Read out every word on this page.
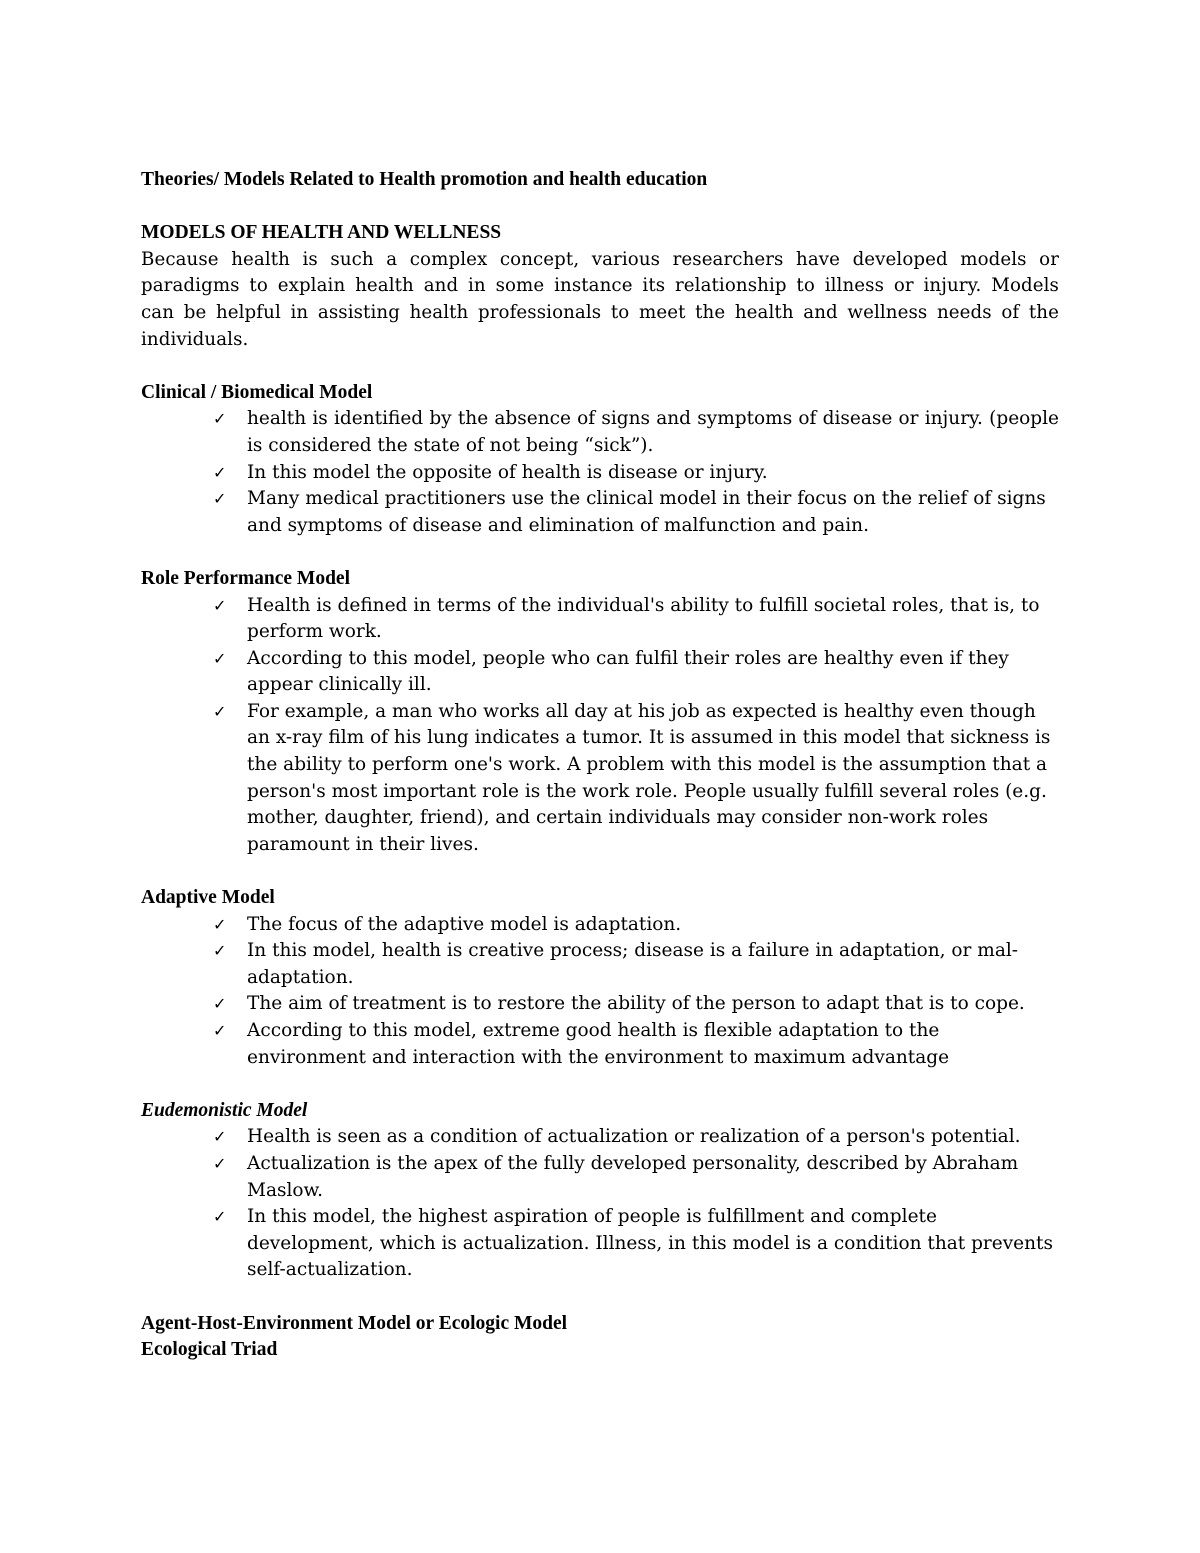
Theories/ Models Related to Health promotion and health education

MODELS OF HEALTH AND WELLNESS

Because health is such a complex concept, various researchers have developed models or paradigms to explain health and in some instance its relationship to illness or injury. Models can be helpful in assisting health professionals to meet the health and wellness needs of the individuals.

Clinical / Biomedical Model

✓ health is identified by the absence of signs and symptoms of disease or injury. (people is considered the state of not being “sick”).
✓ In this model the opposite of health is disease or injury.
✓ Many medical practitioners use the clinical model in their focus on the relief of signs and symptoms of disease and elimination of malfunction and pain.

Role Performance Model

✓ Health is defined in terms of the individual's ability to fulfill societal roles, that is, to perform work.
✓ According to this model, people who can fulfil their roles are healthy even if they appear clinically ill.
✓ For example, a man who works all day at his job as expected is healthy even though an x-ray film of his lung indicates a tumor. It is assumed in this model that sickness is the ability to perform one's work. A problem with this model is the assumption that a person's most important role is the work role. People usually fulfill several roles (e.g. mother, daughter, friend), and certain individuals may consider non-work roles paramount in their lives.

Adaptive Model

✓ The focus of the adaptive model is adaptation.
✓ In this model, health is creative process; disease is a failure in adaptation, or mal-adaptation.
✓ The aim of treatment is to restore the ability of the person to adapt that is to cope.
✓ According to this model, extreme good health is flexible adaptation to the environment and interaction with the environment to maximum advantage

Eudemonistic Model

✓ Health is seen as a condition of actualization or realization of a person's potential.
✓ Actualization is the apex of the fully developed personality, described by Abraham Maslow.
✓ In this model, the highest aspiration of people is fulfillment and complete development, which is actualization. Illness, in this model is a condition that prevents self-actualization.

Agent-Host-Environment Model or Ecologic Model

Ecological Triad
